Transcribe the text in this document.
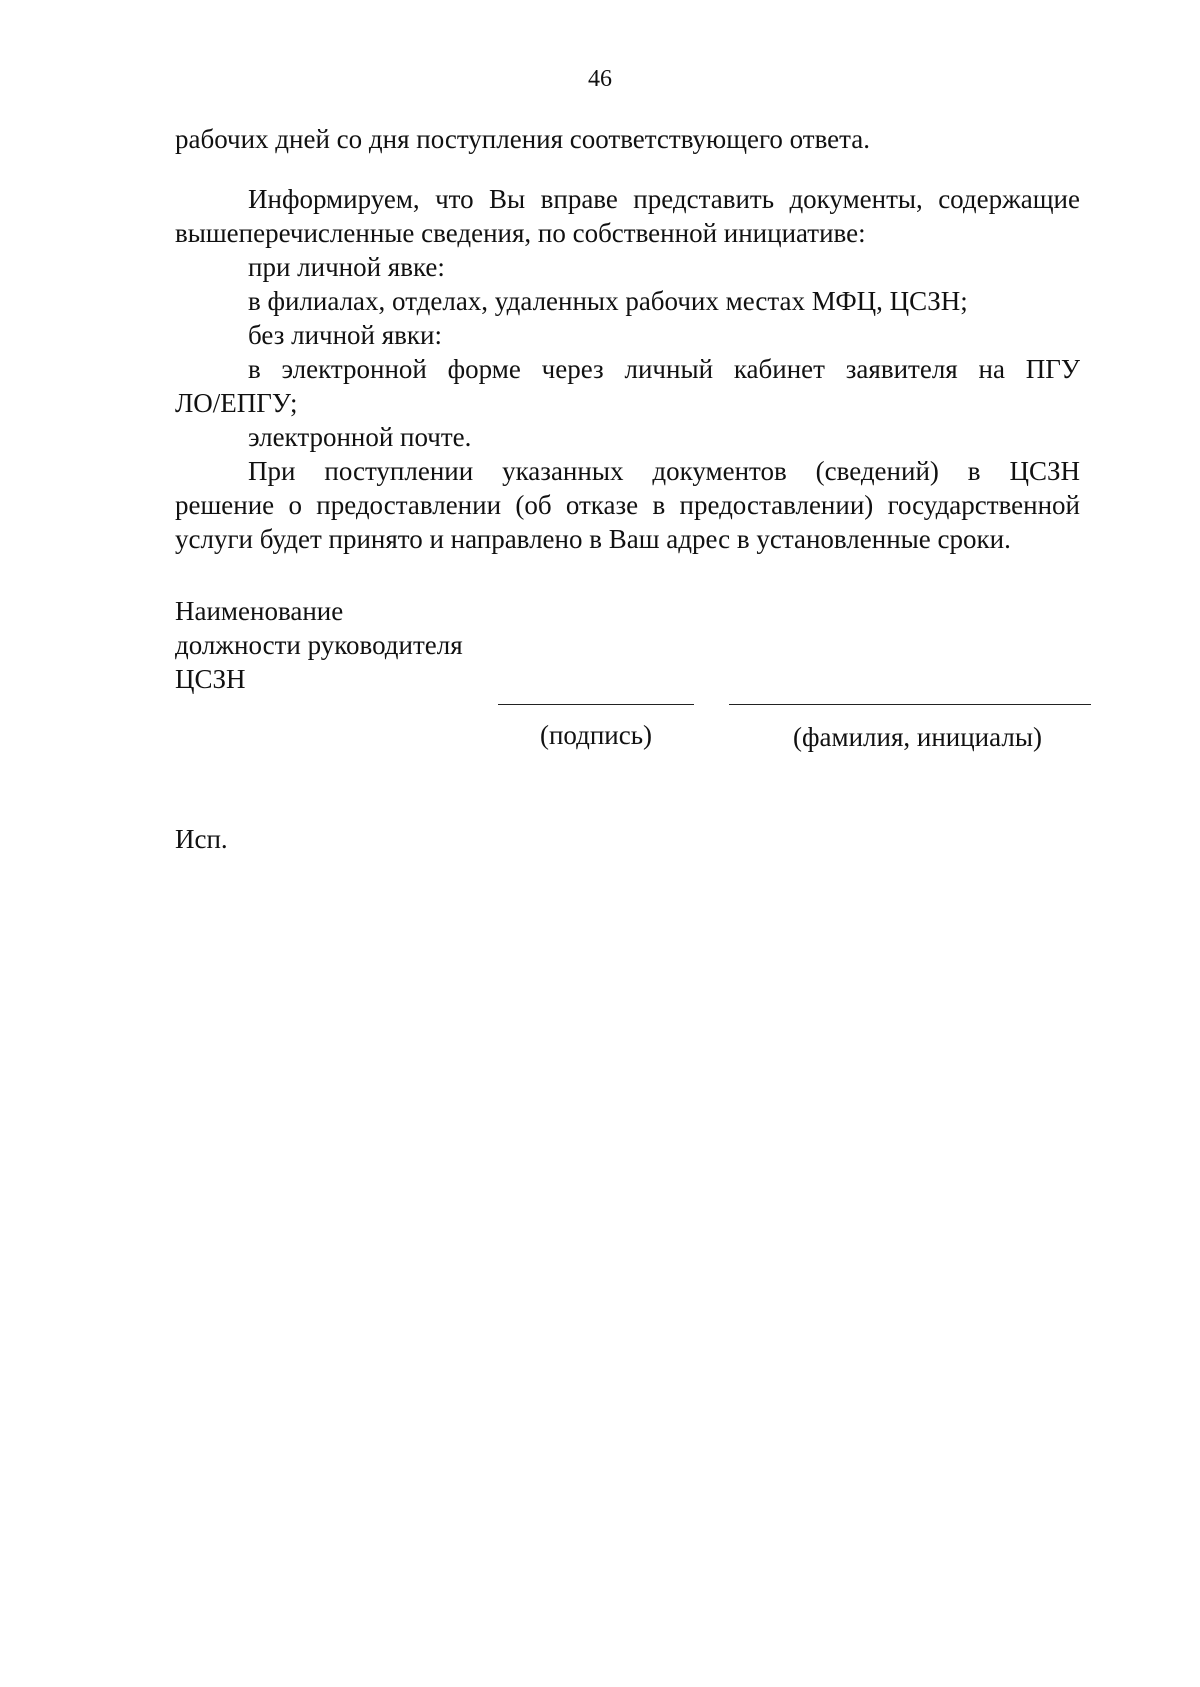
46
рабочих дней со дня поступления соответствующего ответа.
Информируем, что Вы вправе представить документы, содержащие
вышеперечисленные сведения, по собственной инициативе:
при личной явке:
в филиалах, отделах, удаленных рабочих местах МФЦ, ЦСЗН;
без личной явки:
в электронной форме через личный кабинет заявителя на ПГУ
ЛО/ЕПГУ;
электронной почте.
При поступлении указанных документов (сведений) в ЦСЗН
решение о предоставлении (об отказе в предоставлении) государственной
услуги будет принято и направлено в Ваш адрес в установленные сроки.
Наименование
должности руководителя
ЦСЗН
(подпись)	(фамилия, инициалы)
Исп.
